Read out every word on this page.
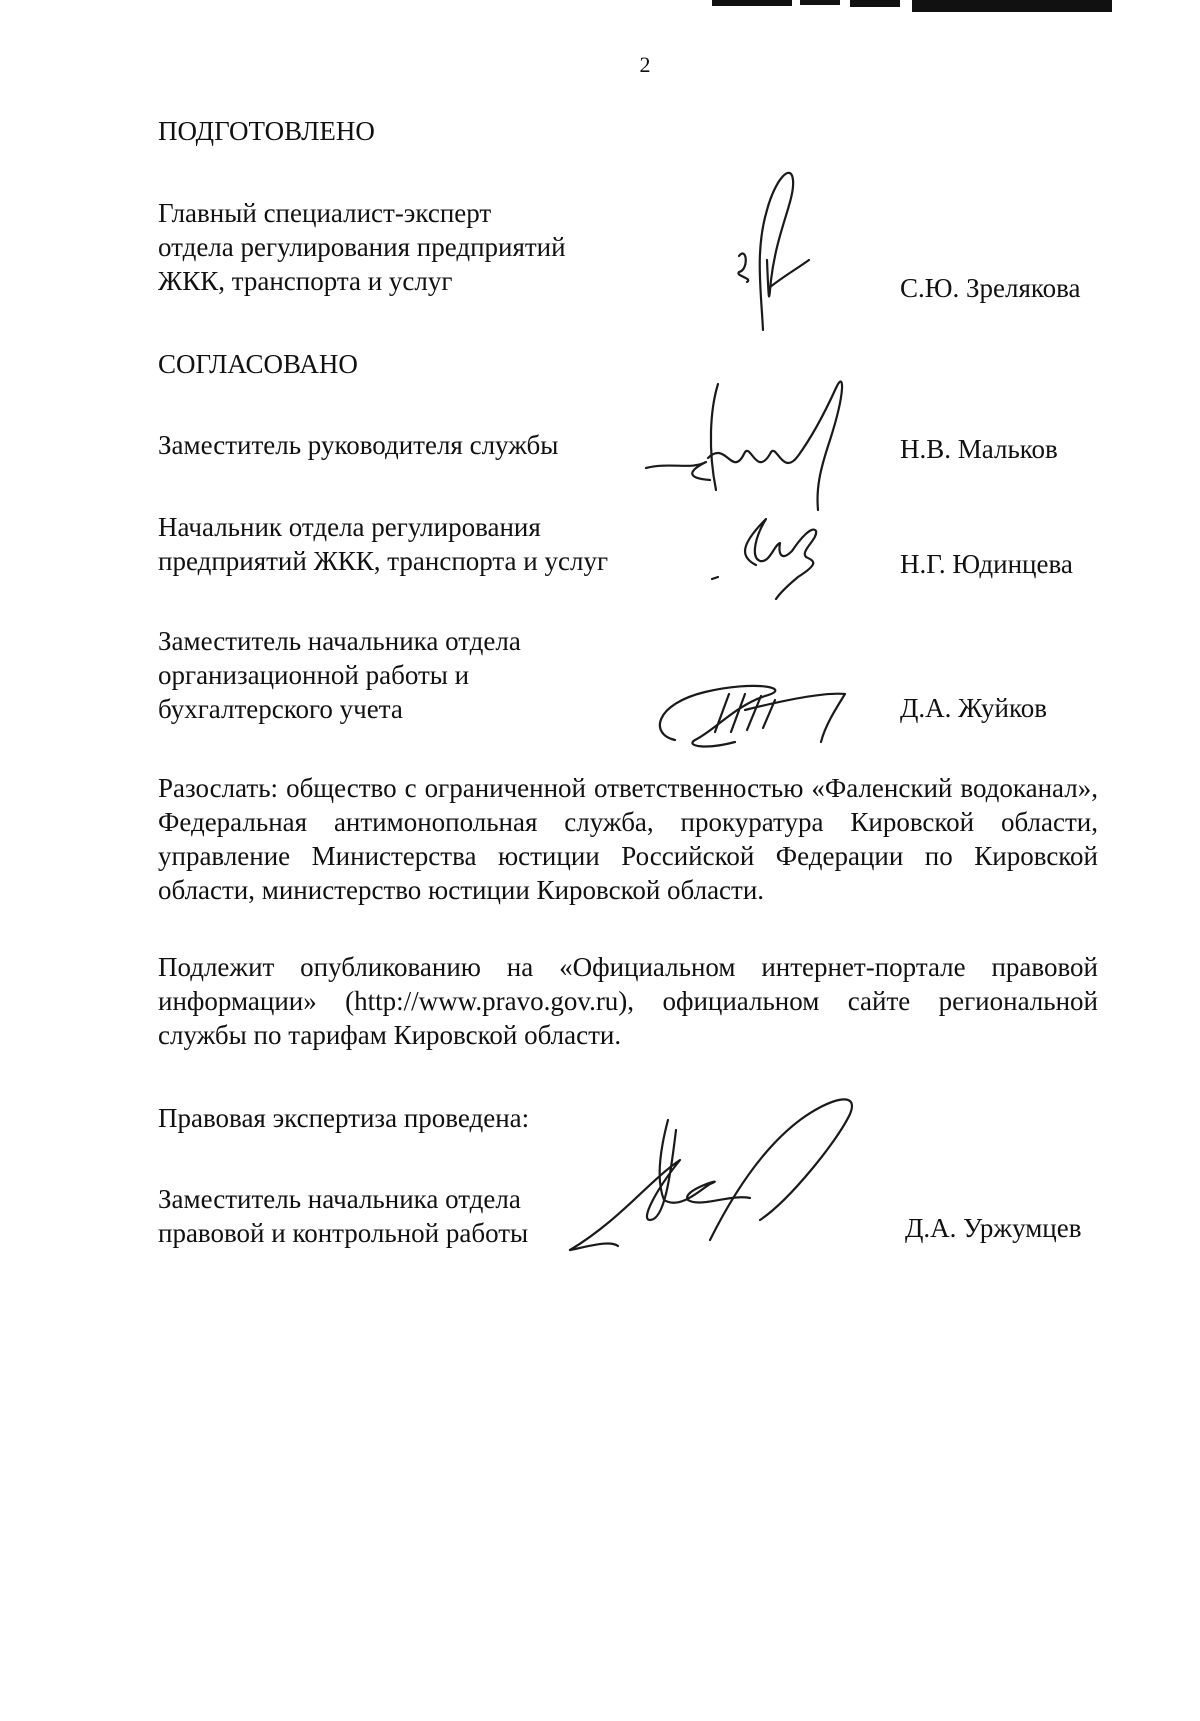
2
ПОДГОТОВЛЕНО
Главный специалист-эксперт
отдела регулирования предприятий
ЖКК, транспорта и услуг	С.Ю. Зрелякова
СОГЛАСОВАНО
Заместитель руководителя службы	Н.В. Мальков
Начальник отдела регулирования
предприятий ЖКК, транспорта и услуг	Н.Г. Юдинцева
Заместитель начальника отдела
организационной работы и
бухгалтерского учета	Д.А. Жуйков
Разослать: общество с ограниченной ответственностью «Фаленский водоканал», Федеральная антимонопольная служба, прокуратура Кировской области, управление Министерства юстиции Российской Федерации по Кировской области, министерство юстиции Кировской области.
Подлежит опубликованию на «Официальном интернет-портале правовой информации» (http://www.pravo.gov.ru), официальном сайте региональной службы по тарифам Кировской области.
Правовая экспертиза проведена:
Заместитель начальника отдела
правовой и контрольной работы	Д.А. Уржумцев
